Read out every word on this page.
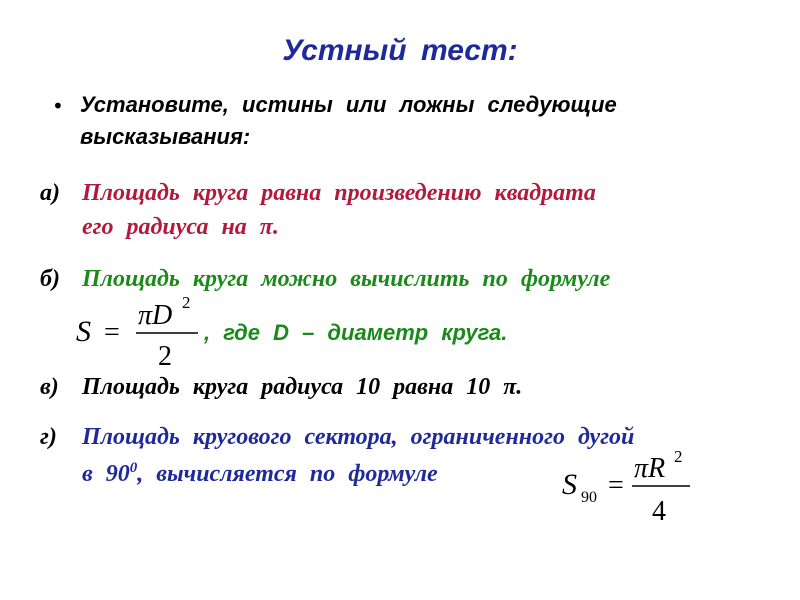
Устный тест:
• Установите, истины или ложны следующие
высказывания:
а) Площадь круга равна произведению квадрата
его радиуса на π.
б) Площадь круга можно вычислить по формуле
S =
πD 2
2
, где D – диаметр круга.
в) Площадь круга радиуса 10 равна 10 π.
г) Площадь кругового сектора, ограниченного дугой
в $90^0$, вычисляется по формуле	S 90 =
πR 2
4
